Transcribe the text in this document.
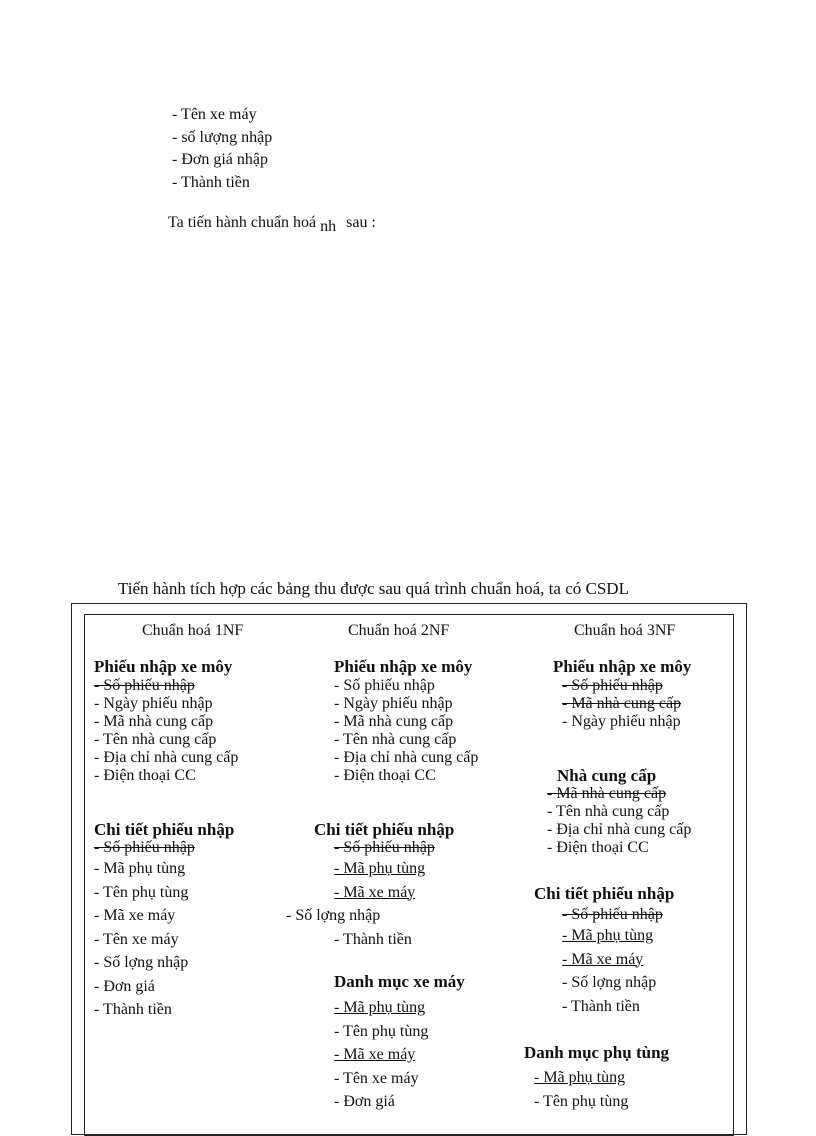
- Tên xe máy
- số lượng nhập
- Đơn giá nhập
- Thành tiền
Ta tiến hành chuẩn hoá nh sau :
Tiến hành tích hợp các bảng thu được sau quá trình chuẩn hoá, ta có CSDL
Chuẩn hoá 1NF	Chuẩn hoá 2NF	Chuẩn hoá 3NF
Phiếu nhập xe môy
- Số phiếu nhập
- Ngày phiếu nhập
- Mã nhà cung cấp
- Tên nhà cung cấp
- Địa chỉ nhà cung cấp
- Điện thoại CC
Chi tiết phiếu nhập
- Số phiếu nhập
- Mã phụ tùng
- Tên phụ tùng
- Mã xe máy
- Tên xe máy
- Số lợng nhập
- Đơn giá
- Thành tiền
Phiếu nhập xe môy
- Số phiếu nhập
- Ngày phiếu nhập
- Mã nhà cung cấp
- Tên nhà cung cấp
- Địa chỉ nhà cung cấp
- Điện thoại CC
Chi tiết phiếu nhập
- Số phiếu nhập
- Mã phụ tùng
- Mã xe máy
- Số lợng nhập
- Thành tiền
Danh mục xe máy
- Mã phụ tùng
- Tên phụ tùng
- Mã xe máy
- Tên xe máy
- Đơn giá
Phiếu nhập xe môy
- Số phiếu nhập
- Mã nhà cung cấp
- Ngày phiếu nhập
Nhà cung cấp
- Mã nhà cung cấp
- Tên nhà cung cấp
- Địa chỉ nhà cung cấp
- Điện thoại CC
Chi tiết phiếu nhập
- Số phiếu nhập
- Mã phụ tùng
- Mã xe máy
- Số lợng nhập
- Thành tiền
Danh mục phụ tùng
- Mã phụ tùng
- Tên phụ tùng
